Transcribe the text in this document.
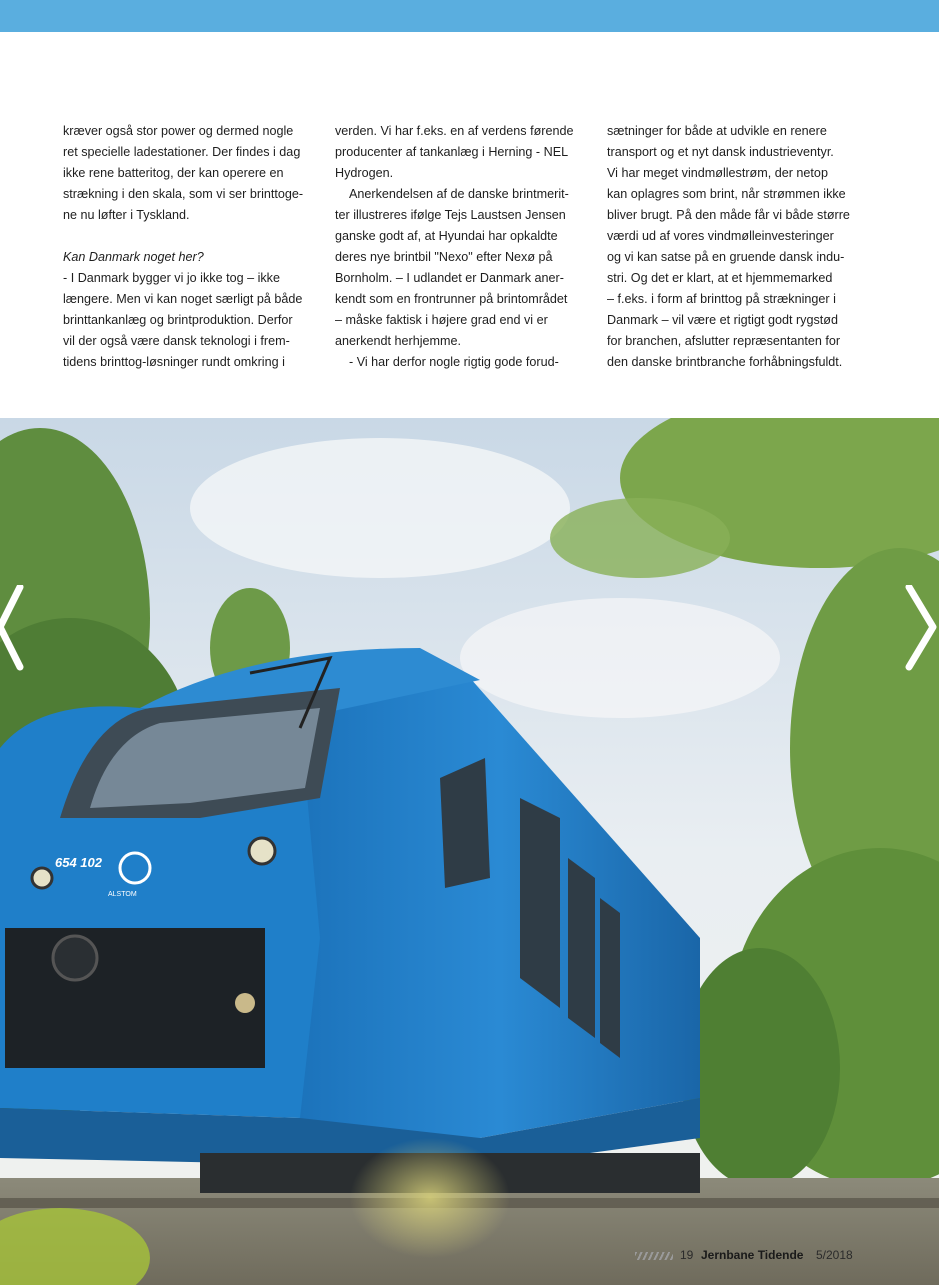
kræver også stor power og dermed nogle

ret specielle ladestationer. Der findes i dag

ikke rene batteritog, der kan operere en

strækning i den skala, som vi ser brinttoge-

ne nu løfter i Tyskland.

Kan Danmark noget her?

- I Danmark bygger vi jo ikke tog – ikke

længere. Men vi kan noget særligt på både

brinttankanlæg og brintproduktion. Derfor

vil der også være dansk teknologi i frem-

tidens brinttog-løsninger rundt omkring i

verden. Vi har f.eks. en af verdens førende

producenter af tankanlæg i Herning - NEL

Hydrogen.

Anerkendelsen af de danske brintmerit-

ter illustreres ifølge Tejs Laustsen Jensen

ganske godt af, at Hyundai har opkaldte

deres nye brintbil "Nexo" efter Nexø på

Bornholm. – I udlandet er Danmark aner-

kendt som en frontrunner på brintområdet

– måske faktisk i højere grad end vi er

anerkendt herhjemme.

- Vi har derfor nogle rigtig gode forud-

sætninger for både at udvikle en renere

transport og et nyt dansk industrieventyr.

Vi har meget vindmøllestrøm, der netop

kan oplagres som brint, når strømmen ikke

bliver brugt. På den måde får vi både større

værdi ud af vores vindmølleinvesteringer

og vi kan satse på en gruende dansk indu-

stri. Og det er klart, at et hjemmemarked

– f.eks. i form af brinttog på strækninger i

Danmark – vil være et rigtigt godt rygstød

for branchen, afslutter repræsentanten for

den danske brintbranche forhåbningsfuldt.

654 102
ALSTOM
19 Jernbane Tidende 5/2018
